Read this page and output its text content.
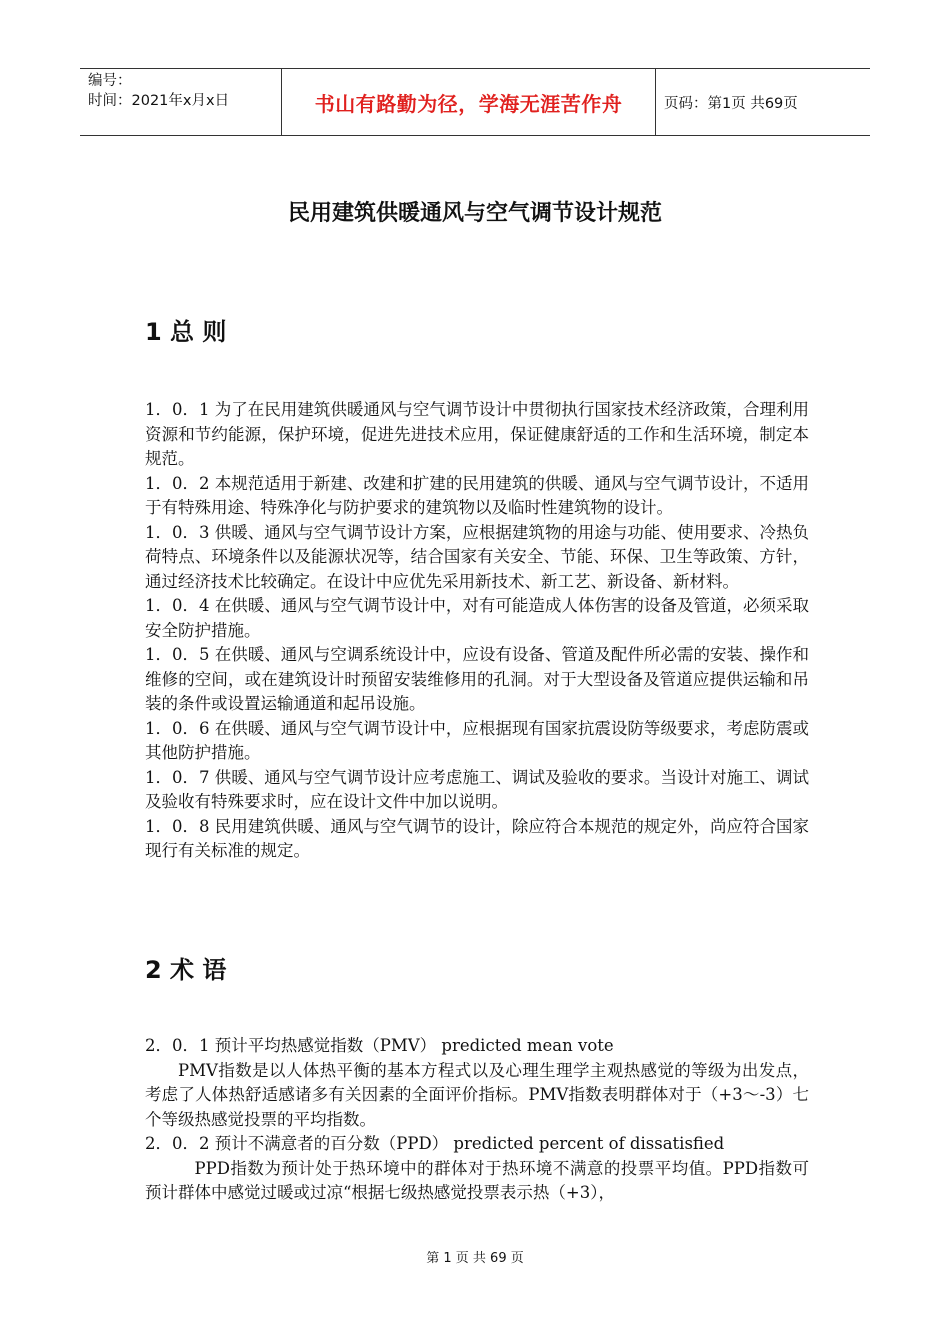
编号：
时间：2021年x月x日	书山有路勤为径，学海无涯苦作舟	页码：第1页 共69页
民用建筑供暖通风与空气调节设计规范
1 总 则

1．0．1 为了在民用建筑供暖通风与空气调节设计中贯彻执行国家技术经济政策，合理利用资源和节约能源，保护环境，促进先进技术应用，保证健康舒适的工作和生活环境，制定本规范。

1．0．2 本规范适用于新建、改建和扩建的民用建筑的供暖、通风与空气调节设计，不适用于有特殊用途、特殊净化与防护要求的建筑物以及临时性建筑物的设计。

1．0．3 供暖、通风与空气调节设计方案，应根据建筑物的用途与功能、使用要求、冷热负荷特点、环境条件以及能源状况等，结合国家有关安全、节能、环保、卫生等政策、方针，通过经济技术比较确定。在设计中应优先采用新技术、新工艺、新设备、新材料。

1．0．4 在供暖、通风与空气调节设计中，对有可能造成人体伤害的设备及管道，必须采取安全防护措施。

1．0．5 在供暖、通风与空调系统设计中，应设有设备、管道及配件所必需的安装、操作和维修的空间，或在建筑设计时预留安装维修用的孔洞。对于大型设备及管道应提供运输和吊装的条件或设置运输通道和起吊设施。

1．0．6 在供暖、通风与空气调节设计中，应根据现有国家抗震设防等级要求，考虑防震或其他防护措施。

1．0．7 供暖、通风与空气调节设计应考虑施工、调试及验收的要求。当设计对施工、调试及验收有特殊要求时，应在设计文件中加以说明。

1．0．8 民用建筑供暖、通风与空气调节的设计，除应符合本规范的规定外，尚应符合国家现行有关标准的规定。

2 术 语

2．0．1 预计平均热感觉指数（PMV） predicted mean vote

PMV指数是以人体热平衡的基本方程式以及心理生理学主观热感觉的等级为出发点，考虑了人体热舒适感诸多有关因素的全面评价指标。PMV指数表明群体对于（+3～-3）七个等级热感觉投票的平均指数。

2．0．2 预计不满意者的百分数（PPD） predicted percent of dissatisfied

PPD指数为预计处于热环境中的群体对于热环境不满意的投票平均值。PPD指数可预计群体中感觉过暖或过凉“根据七级热感觉投票表示热（+3），

第 1 页 共 69 页
